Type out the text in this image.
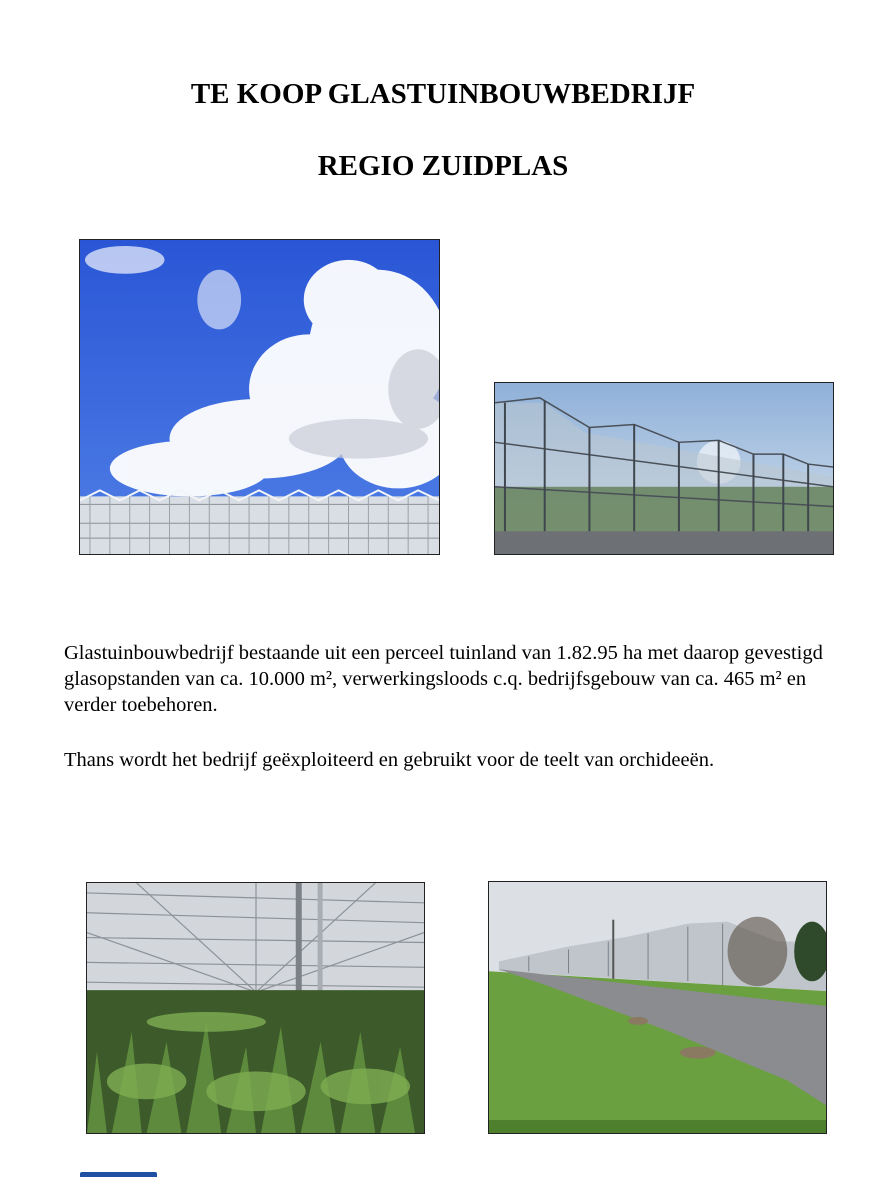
TE KOOP GLASTUINBOUWBEDRIJF
REGIO ZUIDPLAS

Glastuinbouwbedrijf bestaande uit een perceel tuinland van 1.82.95 ha met daarop gevestigd glasopstanden van ca. 10.000 m², verwerkingsloods c.q. bedrijfsgebouw van ca. 465 m² en verder toebehoren.

Thans wordt het bedrijf geëxploiteerd en gebruikt voor de teelt van orchideeën.
